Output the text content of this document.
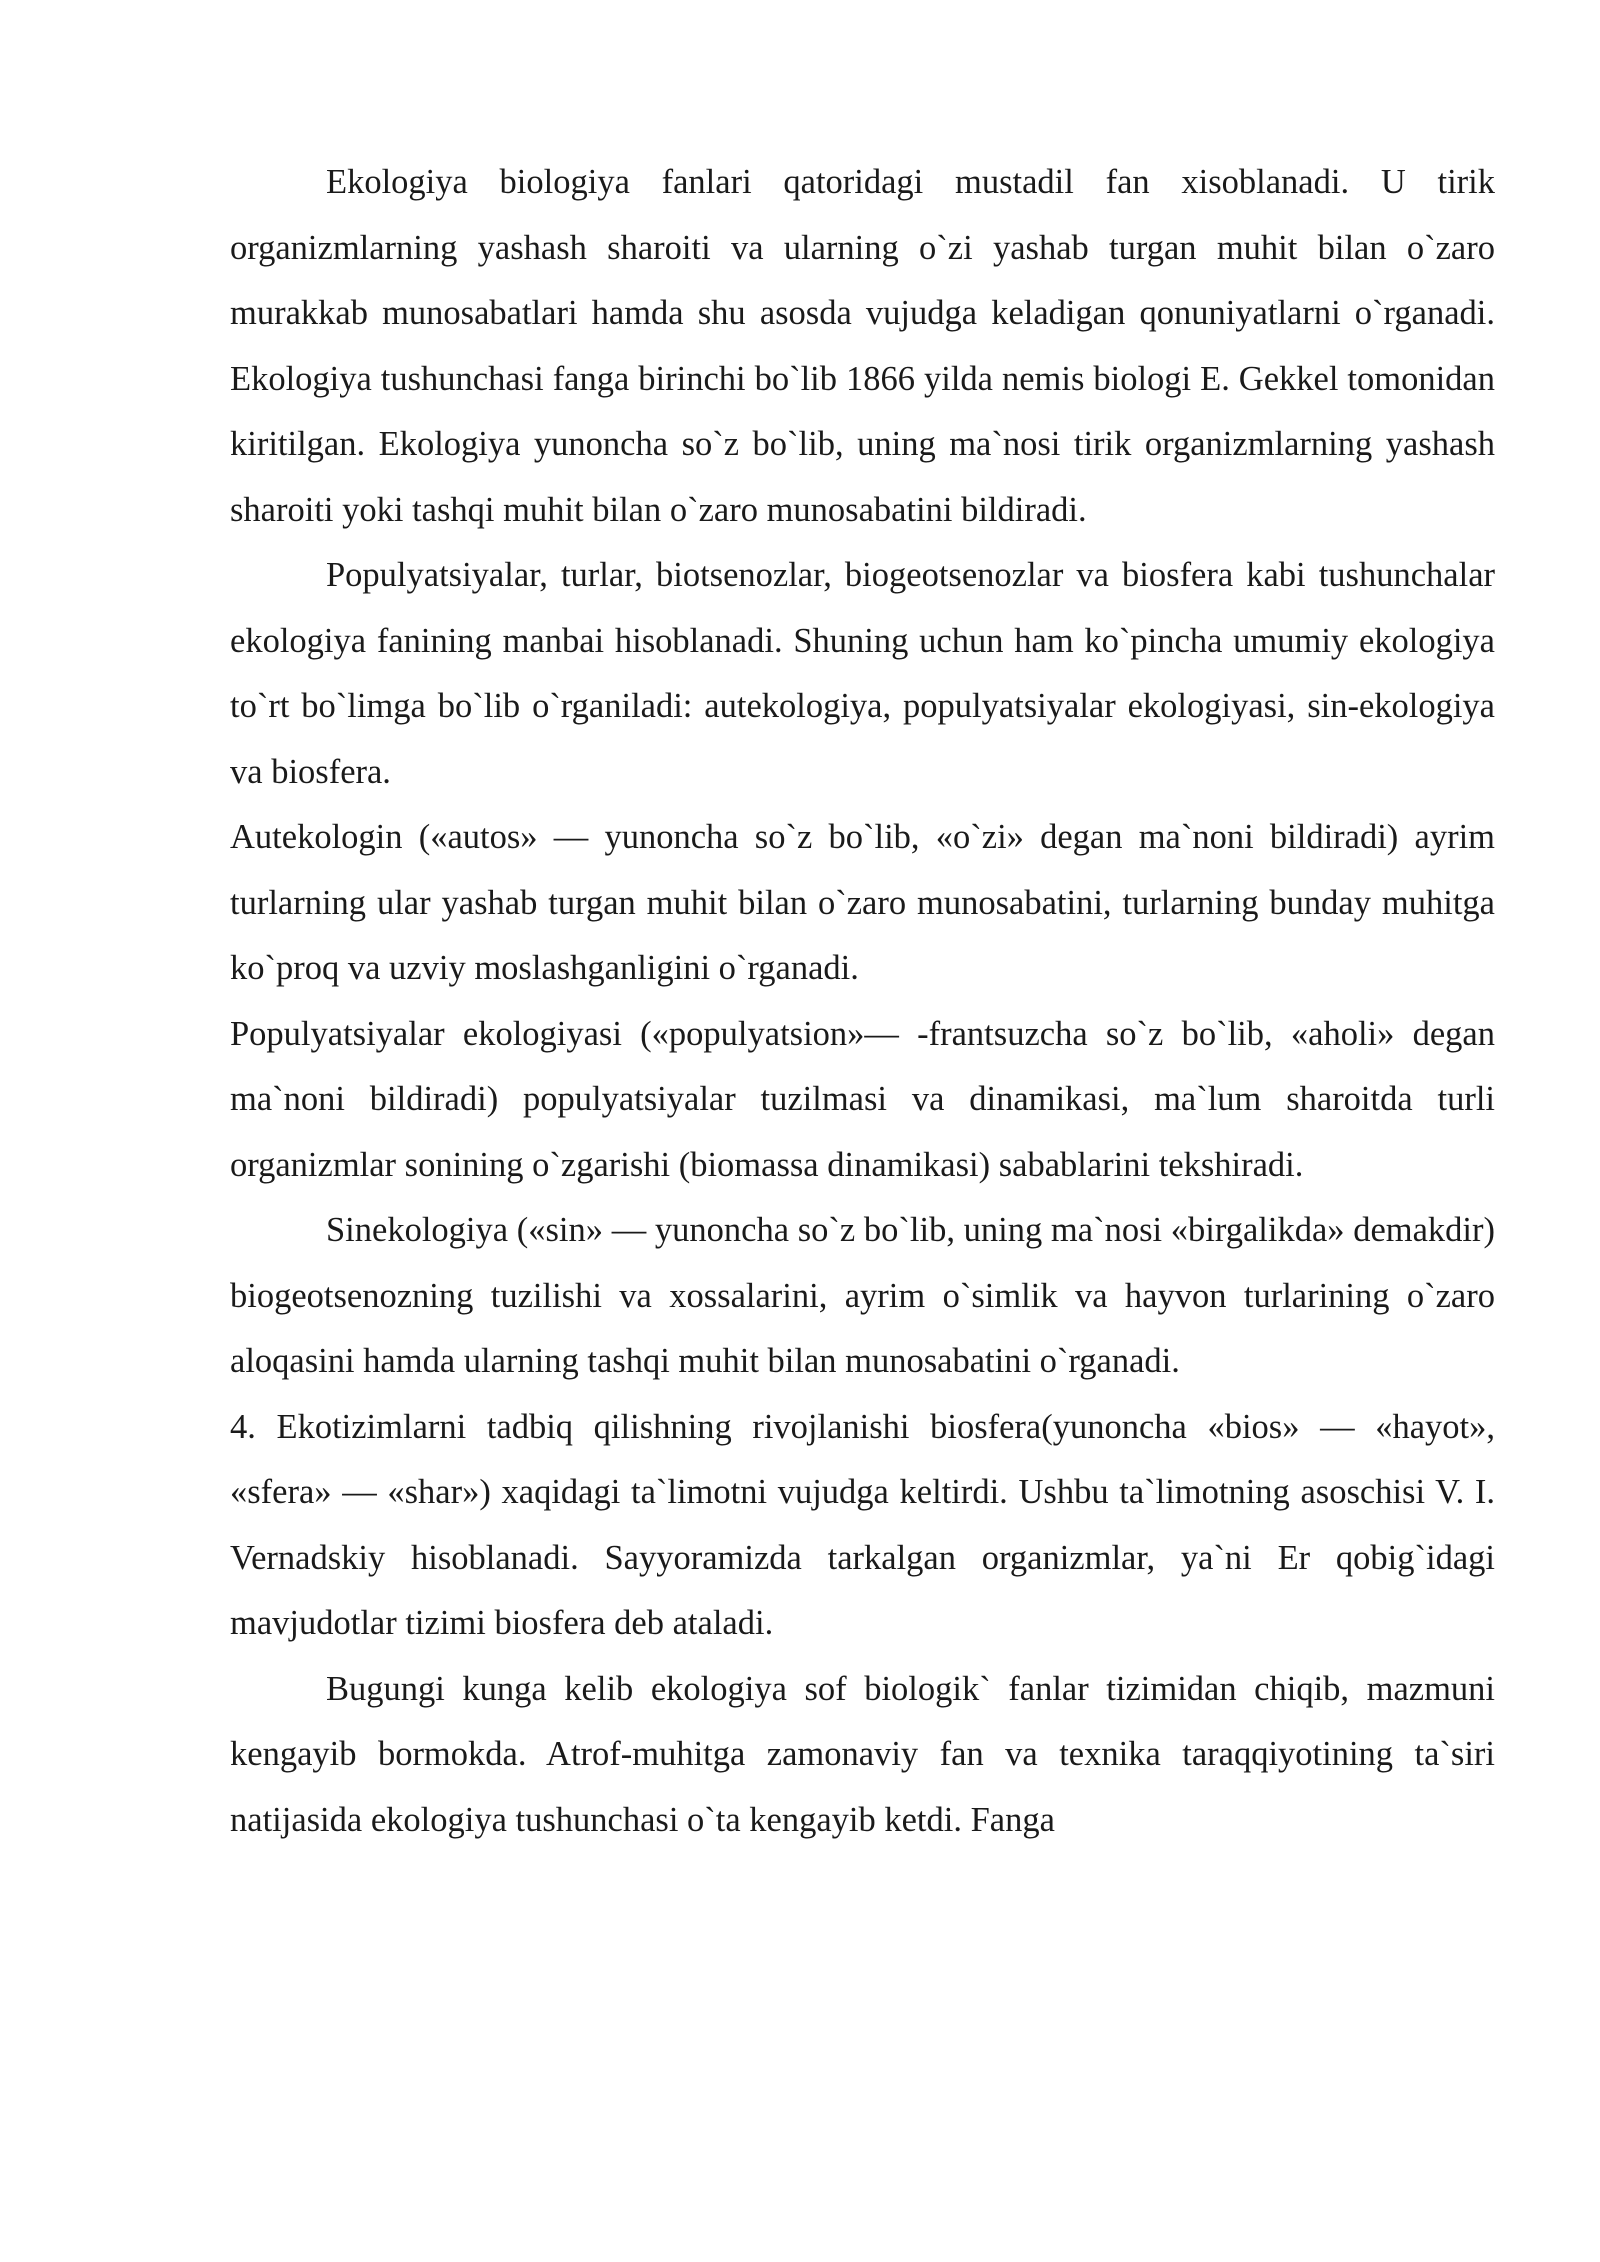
Ekologiya biologiya fanlari qatoridagi mustadil fan xisoblanadi. U tirik organizmlarning yashash sharoiti va ularning o`zi yashab turgan muhit bilan o`zaro murakkab munosabatlari hamda shu asosda vujudga keladigan qonuniyatlarni o`rganadi. Ekologiya tushunchasi fanga birinchi bo`lib 1866 yilda nemis biologi E. Gekkel tomonidan kiritilgan. Ekologiya yunoncha so`z bo`lib, uning ma`nosi tirik organizmlarning yashash sharoiti yoki tashqi muhit bilan o`zaro munosabatini bildiradi.

Populyatsiyalar, turlar, biotsenozlar, biogeotsenozlar va biosfera kabi tushunchalar ekologiya fanining manbai hisoblanadi. Shuning uchun ham ko`pincha umumiy ekologiya to`rt bo`limga bo`lib o`rganiladi: autekologiya, populyatsiyalar ekologiyasi, sin-ekologiya va biosfera.

Autekologin («autos» — yunoncha so`z bo`lib, «o`zi» degan ma`noni bildiradi) ayrim turlarning ular yashab turgan muhit bilan o`zaro munosabatini, turlarning bunday muhitga ko`proq va uzviy moslashganligini o`rganadi.

Populyatsiyalar ekologiyasi («populyatsion»— -frantsuzcha so`z bo`lib, «aholi» degan ma`noni bildiradi) populyatsiyalar tuzilmasi va dinamikasi, ma`lum sharoitda turli organizmlar sonining o`zgarishi (biomassa dinamikasi) sabablarini tekshiradi.

Sinekologiya («sin» — yunoncha so`z bo`lib, uning ma`nosi «birgalikda» demakdir) biogeotsenozning tuzilishi va xossalarini, ayrim o`simlik va hayvon turlarining o`zaro aloqasini hamda ularning tashqi muhit bilan munosabatini o`rganadi.

4. Ekotizimlarni tadbiq qilishning rivojlanishi biosfera(yunoncha «bios» — «hayot», «sfera» — «shar») xaqidagi ta`limotni vujudga keltirdi. Ushbu ta`limotning asoschisi V. I. Vernadskiy hisoblanadi. Sayyoramizda tarkalgan organizmlar, ya`ni Er qobig`idagi mavjudotlar tizimi biosfera deb ataladi.

Bugungi kunga kelib ekologiya sof biologik` fanlar tizimidan chiqib, mazmuni kengayib bormokda. Atrof-muhitga zamonaviy fan va texnika taraqqiyotining ta`siri natijasida ekologiya tushunchasi o`ta kengayib ketdi. Fanga
